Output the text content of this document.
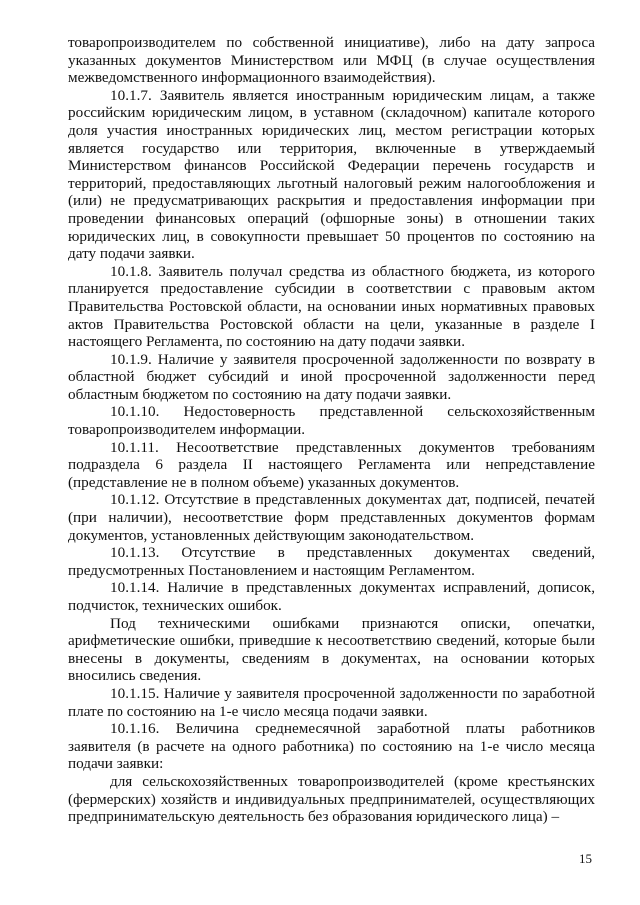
товаропроизводителем по собственной инициативе), либо на дату запроса указанных документов Министерством или МФЦ (в случае осуществления межведомственного информационного взаимодействия).

10.1.7. Заявитель является иностранным юридическим лицам, а также российским юридическим лицом, в уставном (складочном) капитале которого доля участия иностранных юридических лиц, местом регистрации которых является государство или территория, включенные в утверждаемый Министерством финансов Российской Федерации перечень государств и территорий, предоставляющих льготный налоговый режим налогообложения и (или) не предусматривающих раскрытия и предоставления информации при проведении финансовых операций (офшорные зоны) в отношении таких юридических лиц, в совокупности превышает 50 процентов по состоянию на дату подачи заявки.

10.1.8. Заявитель получал средства из областного бюджета, из которого планируется предоставление субсидии в соответствии с правовым актом Правительства Ростовской области, на основании иных нормативных правовых актов Правительства Ростовской области на цели, указанные в разделе I настоящего Регламента, по состоянию на дату подачи заявки.

10.1.9. Наличие у заявителя просроченной задолженности по возврату в областной бюджет субсидий и иной просроченной задолженности перед областным бюджетом по состоянию на дату подачи заявки.

10.1.10. Недостоверность представленной сельскохозяйственным товаропроизводителем информации.

10.1.11. Несоответствие представленных документов требованиям подраздела 6 раздела II настоящего Регламента или непредставление (представление не в полном объеме) указанных документов.

10.1.12. Отсутствие в представленных документах дат, подписей, печатей (при наличии), несоответствие форм представленных документов формам документов, установленных действующим законодательством.

10.1.13. Отсутствие в представленных документах сведений, предусмотренных Постановлением и настоящим Регламентом.

10.1.14. Наличие в представленных документах исправлений, дописок, подчисток, технических ошибок.

Под техническими ошибками признаются описки, опечатки, арифметические ошибки, приведшие к несоответствию сведений, которые были внесены в документы, сведениям в документах, на основании которых вносились сведения.

10.1.15. Наличие у заявителя просроченной задолженности по заработной плате по состоянию на 1-е число месяца подачи заявки.

10.1.16. Величина среднемесячной заработной платы работников заявителя (в расчете на одного работника) по состоянию на 1-е число месяца подачи заявки:

для сельскохозяйственных товаропроизводителей (кроме крестьянских (фермерских) хозяйств и индивидуальных предпринимателей, осуществляющих предпринимательскую деятельность без образования юридического лица) –

15
